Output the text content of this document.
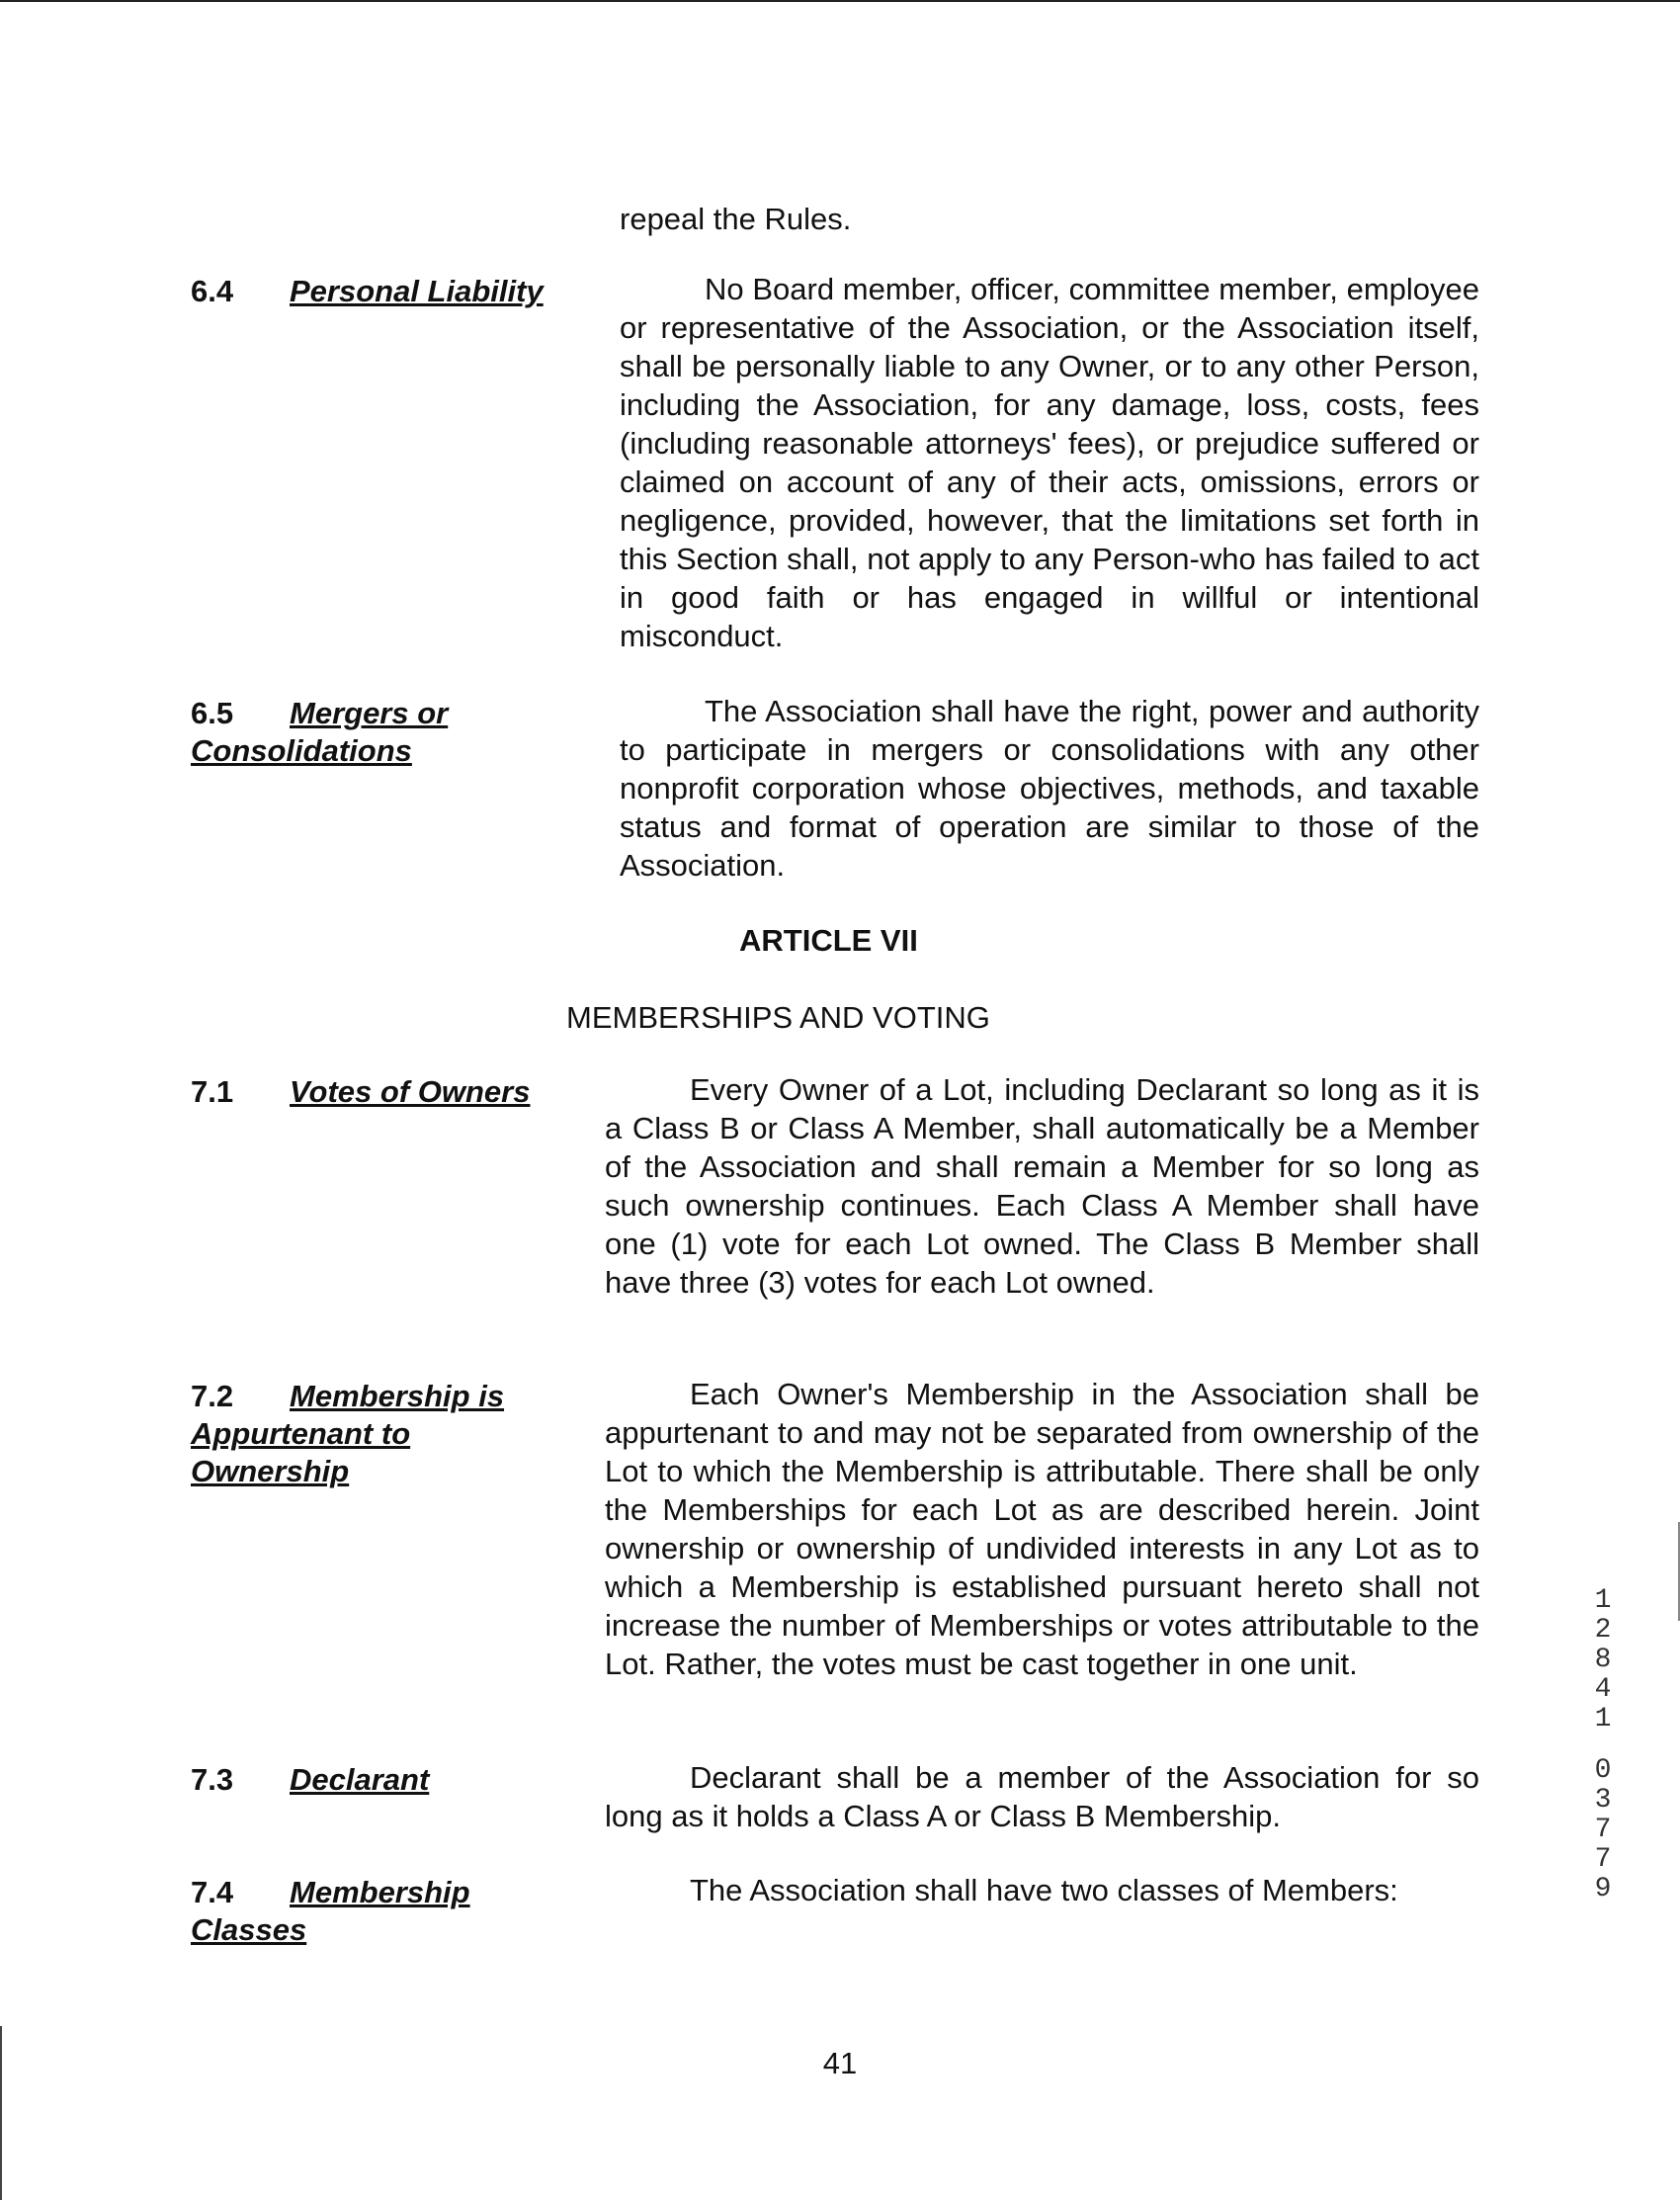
repeal the Rules.
6.4 Personal Liability	No Board member, officer, committee member, employee or representative of the Association, or the Association itself, shall be personally liable to any Owner, or to any other Person, including the Association, for any damage, loss, costs, fees (including reasonable attorneys' fees), or prejudice suffered or claimed on account of any of their acts, omissions, errors or negligence, provided, however, that the limitations set forth in this Section shall, not apply to any Person-who has failed to act in good faith or has engaged in willful or intentional misconduct.
6.5 Mergers or Consolidations
The Association shall have the right, power and authority to participate in mergers or consolidations with any other nonprofit corporation whose objectives, methods, and taxable status and format of operation are similar to those of the Association.
ARTICLE VII
MEMBERSHIPS AND VOTING
7.1 Votes of Owners	Every Owner of a Lot, including Declarant so long as it is a Class B or Class A Member, shall automatically be a Member of the Association and shall remain a Member for so long as such ownership continues. Each Class A Member shall have one (1) vote for each Lot owned. The Class B Member shall have three (3) votes for each Lot owned.
7.2 Membership is Appurtenant to Ownership
Each Owner's Membership in the Association shall be appurtenant to and may not be separated from ownership of the Lot to which the Membership is attributable. There shall be only the Memberships for each Lot as are described herein. Joint ownership or ownership of undivided interests in any Lot as to which a Membership is established pursuant hereto shall not increase the number of Memberships or votes attributable to the Lot. Rather, the votes must be cast together in one unit.
7.3 Declarant	Declarant shall be a member of the Association for so long as it holds a Class A or Class B Membership.
7.4 Membership Classes
The Association shall have two classes of Members:
41
1
2
8
4
1
0
3
7
7
9
